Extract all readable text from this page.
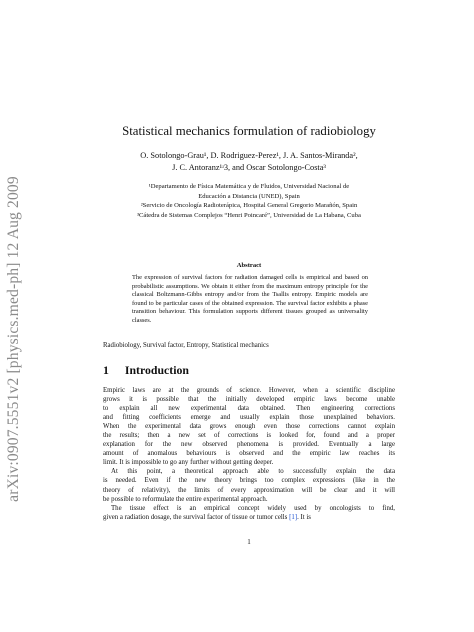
arXiv:0907.5551v2 [physics.med-ph] 12 Aug 2009
Statistical mechanics formulation of radiobiology
O. Sotolongo-Grau¹, D. Rodriguez-Perez¹, J. A. Santos-Miranda²,
J. C. Antoranz¹ʴ3, and Oscar Sotolongo-Costa³
¹Departamento de Física Matemática y de Fluidos, Universidad Nacional de
Educación a Distancia (UNED), Spain
²Servicio de Oncología Radioterápica, Hospital General Gregorio Marañón, Spain
³Cátedra de Sistemas Complejos “Henri Poincaré”, Universidad de La Habana, Cuba
Abstract
The expression of survival factors for radiation damaged cells is empirical and based on probabilistic assumptions. We obtain it either from the maximum entropy principle for the classical Boltzmann-Gibbs entropy and/or from the Tsallis entropy. Empiric models are found to be particular cases of the obtained expression. The survival factor exhibits a phase transition behaviour. This formulation supports different tissues grouped as universality classes.
Radiobiology, Survival factor, Entropy, Statistical mechanics
1 Introduction
Empiric laws are at the grounds of science. However, when a scientific discipline
grows it is possible that the initially developed empiric laws become unable
to explain all new experimental data obtained. Then engineering corrections
and fitting coefficients emerge and usually explain those unexplained behaviors.
When the experimental data grows enough even those corrections cannot explain
the results; then a new set of corrections is looked for, found and a proper
explanation for the new observed phenomena is provided. Eventually a large
amount of anomalous behaviours is observed and the empiric law reaches its
limit. It is impossible to go any further without getting deeper.
At this point, a theoretical approach able to successfully explain the data
is needed. Even if the new theory brings too complex expressions (like in the
theory of relativity), the limits of every approximation will be clear and it will
be possible to reformulate the entire experimental approach.
The tissue effect is an empirical concept widely used by oncologists to find,
given a radiation dosage, the survival factor of tissue or tumor cells [1]. It is
1
